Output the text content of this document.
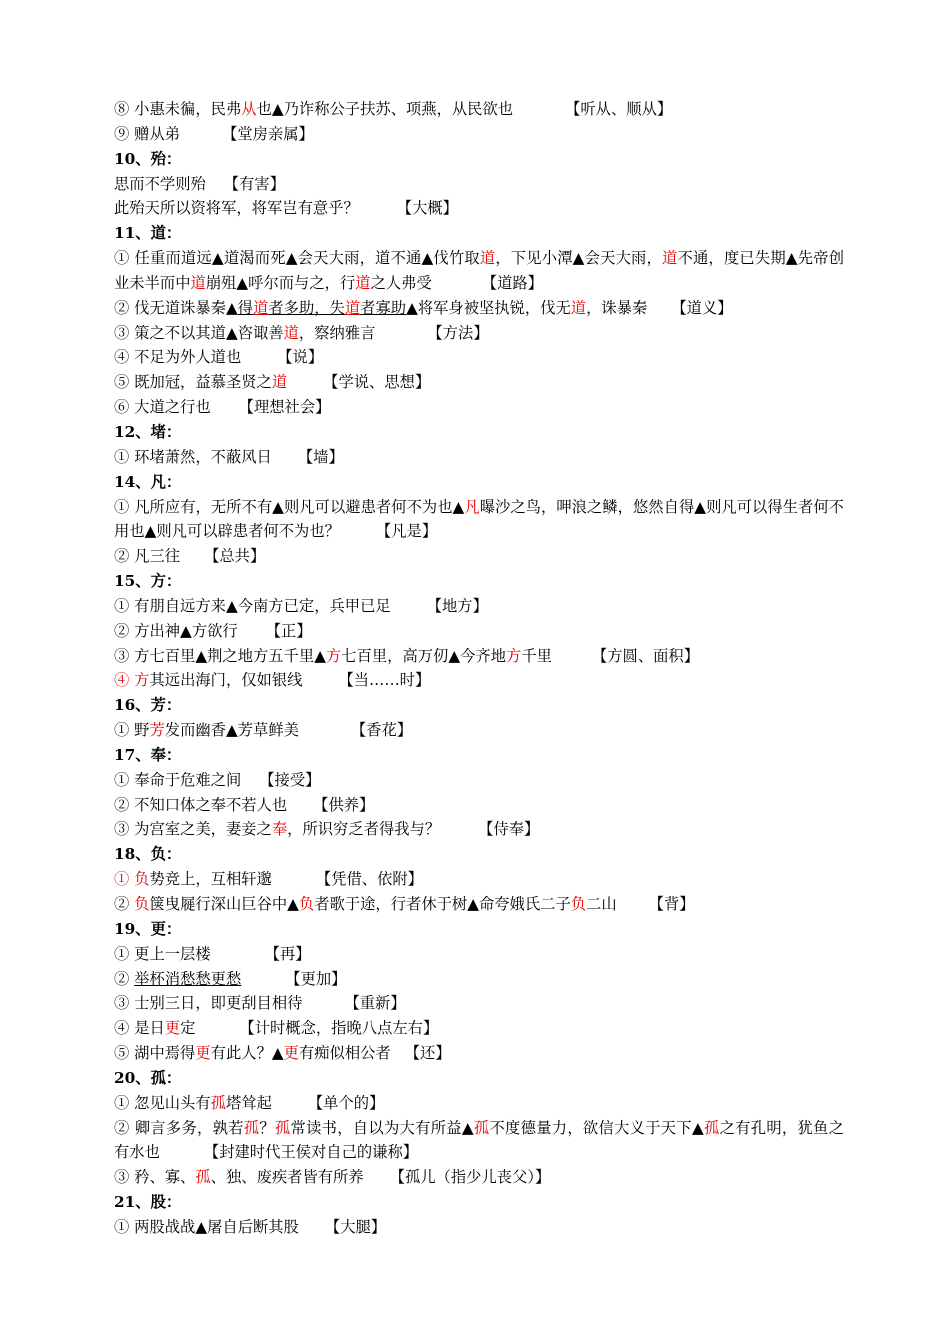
⑧ 小惠未徧，民弗从也▲乃诈称公子扶苏、项燕，从民欲也	【听从、顺从】
⑨ 赠从弟	【堂房亲属】
10、殆：
思而不学则殆 【有害】
此殆天所以资将军，将军岂有意乎？ 【大概】
11、道：
① 任重而道远▲道渴而死▲会天大雨，道不通▲伐竹取道，下见小潭▲会天大雨，道不通，度已失期▲先帝创业未半而中道崩殂▲呼尔而与之，行道之人弗受	【道路】
② 伐无道诛暴秦▲得道者多助，失道者寡助▲将军身被坚执锐，伐无道，诛暴秦 【道义】
③ 策之不以其道▲咨诹善道，察纳雅言	【方法】
④ 不足为外人道也 【说】
⑤ 既加冠，益慕圣贤之道 【学说、思想】
⑥ 大道之行也 【理想社会】
12、堵：
① 环堵萧然，不蔽风日 【墙】
14、凡：
① 凡所应有，无所不有▲则凡可以避患者何不为也▲凡曝沙之鸟，呷浪之鳞，悠然自得▲则凡可以得生者何不用也▲则凡可以辟患者何不为也？ 【凡是】
② 凡三往 【总共】
15、方：
① 有朋自远方来▲今南方已定，兵甲已足 【地方】
② 方出神▲方欲行 【正】
③ 方七百里▲荆之地方五千里▲方七百里，高万仞▲今齐地方千里	【方圆、面积】
④ 方其远出海门，仅如银线 【当……时】
16、芳：
① 野芳发而幽香▲芳草鲜美	【香花】
17、奉：
① 奉命于危难之间 【接受】
② 不知口体之奉不若人也 【供养】
③ 为宫室之美，妻妾之奉，所识穷乏者得我与？ 【侍奉】
18、负：
① 负势竞上，互相轩邈	【凭借、依附】
② 负箧曳屣行深山巨谷中▲负者歌于途，行者休于树▲命夸娥氏二子负二山 【背】
19、更：
① 更上一层楼	【再】
② 举杯消愁愁更愁	【更加】
③ 士别三日，即更刮目相待	【重新】
④ 是日更定	【计时概念，指晚八点左右】
⑤ 湖中焉得更有此人？▲更有痴似相公者 【还】
20、孤：
① 忽见山头有孤塔耸起 【单个的】
② 卿言多务，孰若孤？孤常读书，自以为大有所益▲孤不度德量力，欲信大义于天下▲孤之有孔明，犹鱼之有水也	【封建时代王侯对自己的谦称】
③ 矜、寡、孤、独、废疾者皆有所养 【孤儿（指少儿丧父）】
21、股：
① 两股战战▲屠自后断其股 【大腿】
